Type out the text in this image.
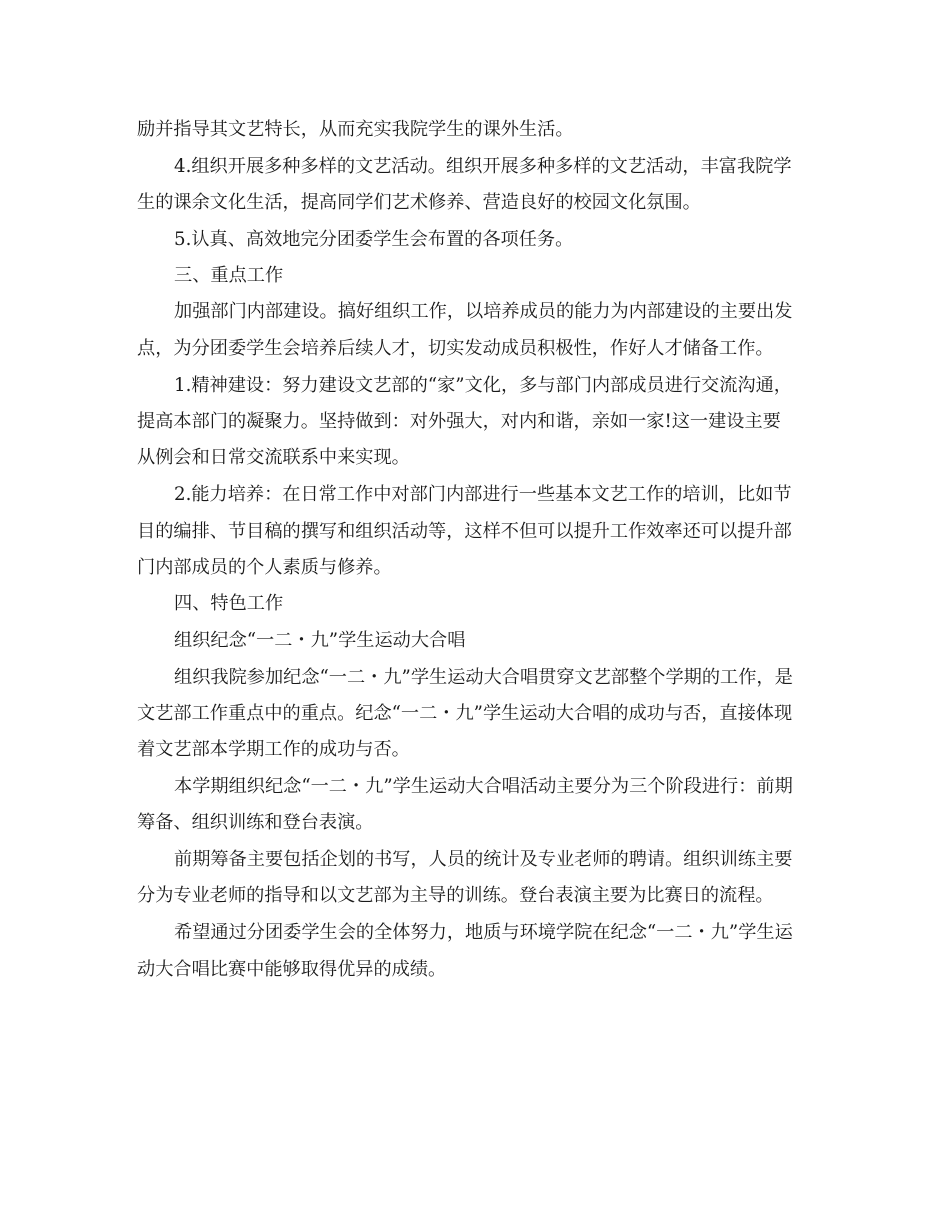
励并指导其文艺特长，从而充实我院学生的课外生活。
4.组织开展多种多样的文艺活动。组织开展多种多样的文艺活动，丰富我院学
生的课余文化生活，提高同学们艺术修养、营造良好的校园文化氛围。
5.认真、高效地完分团委学生会布置的各项任务。
三、重点工作
加强部门内部建设。搞好组织工作，以培养成员的能力为内部建设的主要出发
点，为分团委学生会培养后续人才，切实发动成员积极性，作好人才储备工作。
1.精神建设：努力建设文艺部的“家”文化，多与部门内部成员进行交流沟通，
提高本部门的凝聚力。坚持做到：对外强大，对内和谐，亲如一家!这一建设主要
从例会和日常交流联系中来实现。
2.能力培养：在日常工作中对部门内部进行一些基本文艺工作的培训，比如节
目的编排、节目稿的撰写和组织活动等，这样不但可以提升工作效率还可以提升部
门内部成员的个人素质与修养。
四、特色工作
组织纪念“一二・九”学生运动大合唱
组织我院参加纪念“一二・九”学生运动大合唱贯穿文艺部整个学期的工作，是
文艺部工作重点中的重点。纪念“一二・九”学生运动大合唱的成功与否，直接体现
着文艺部本学期工作的成功与否。
本学期组织纪念“一二・九”学生运动大合唱活动主要分为三个阶段进行：前期
筹备、组织训练和登台表演。
前期筹备主要包括企划的书写，人员的统计及专业老师的聘请。组织训练主要
分为专业老师的指导和以文艺部为主导的训练。登台表演主要为比赛日的流程。
希望通过分团委学生会的全体努力，地质与环境学院在纪念“一二・九”学生运
动大合唱比赛中能够取得优异的成绩。
